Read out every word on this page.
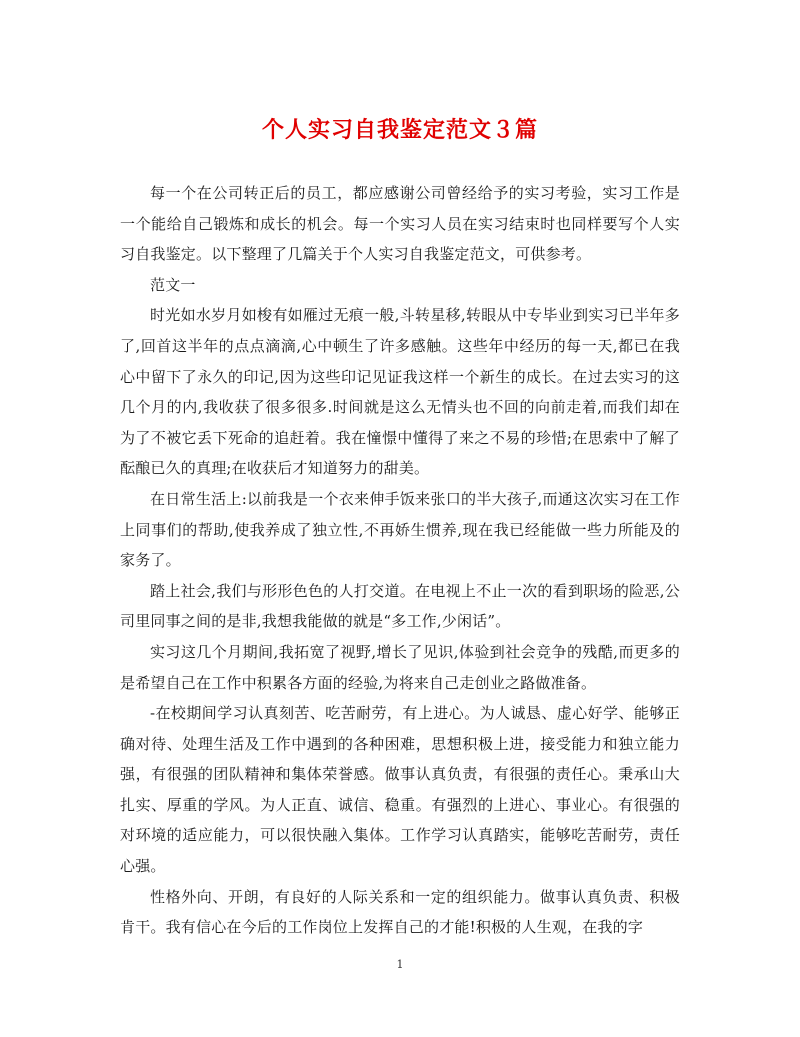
个人实习自我鉴定范文３篇

每一个在公司转正后的员工，都应感谢公司曾经给予的实习考验，实习工作是一个能给自己锻炼和成长的机会。每一个实习人员在实习结束时也同样要写个人实习自我鉴定。以下整理了几篇关于个人实习自我鉴定范文，可供参考。

范文一

时光如水岁月如梭有如雁过无痕一般,斗转星移,转眼从中专毕业到实习已半年多了,回首这半年的点点滴滴,心中顿生了许多感触。这些年中经历的每一天,都已在我心中留下了永久的印记,因为这些印记见证我这样一个新生的成长。在过去实习的这几个月的内,我收获了很多很多.时间就是这么无情头也不回的向前走着,而我们却在为了不被它丢下死命的追赶着。我在憧憬中懂得了来之不易的珍惜;在思索中了解了酝酿已久的真理;在收获后才知道努力的甜美。

在日常生活上:以前我是一个衣来伸手饭来张口的半大孩子,而通这次实习在工作上同事们的帮助,使我养成了独立性,不再娇生惯养,现在我已经能做一些力所能及的家务了。

踏上社会,我们与形形色色的人打交道。在电视上不止一次的看到职场的险恶,公司里同事之间的是非,我想我能做的就是“多工作,少闲话”。

实习这几个月期间,我拓宽了视野,增长了见识,体验到社会竞争的残酷,而更多的是希望自己在工作中积累各方面的经验,为将来自己走创业之路做准备。

-在校期间学习认真刻苦、吃苦耐劳，有上进心。为人诚恳、虚心好学、能够正确对待、处理生活及工作中遇到的各种困难，思想积极上进，接受能力和独立能力强，有很强的团队精神和集体荣誉感。做事认真负责，有很强的责任心。秉承山大扎实、厚重的学风。为人正直、诚信、稳重。有强烈的上进心、事业心。有很强的对环境的适应能力，可以很快融入集体。工作学习认真踏实，能够吃苦耐劳，责任心强。

性格外向、开朗，有良好的人际关系和一定的组织能力。做事认真负责、积极肯干。我有信心在今后的工作岗位上发挥自己的才能!积极的人生观，在我的字

1
